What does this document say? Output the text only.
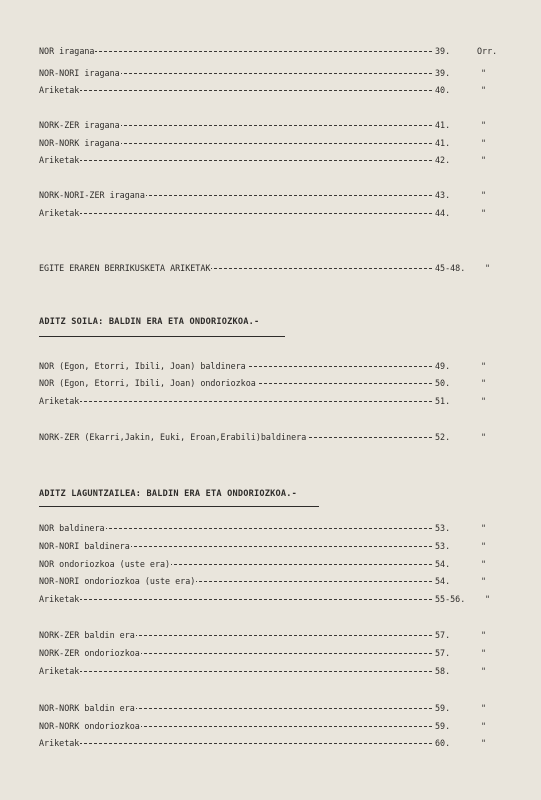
NOR iragana	39.	Orr.
NOR-NORI iragana	39.	"
Ariketak	40.	"
NORK-ZER iragana	41.	"
NOR-NORK iragana	41.	"
Ariketak	42.	"
NORK-NORI-ZER iragana	43.	"
Ariketak	44.	"
EGITE ERAREN BERRIKUSKETA ARIKETAK	45-48.	"
ADITZ SOILA: BALDIN ERA ETA ONDORIOZKOA.-
NOR (Egon, Etorri, Ibili, Joan) baldinera	49.	"
NOR (Egon, Etorri, Ibili, Joan) ondoriozkoa	50.	"
Ariketak	51.	"
NORK-ZER (Ekarri,Jakin, Euki, Eroan,Erabili)baldinera	52.	"
ADITZ LAGUNTZAILEA: BALDIN ERA ETA ONDORIOZKOA.-
NOR baldinera	53.	"
NOR-NORI baldinera	53.	"
NOR ondoriozkoa (uste era)	54.	"
NOR-NORI ondoriozkoa (uste era)	54.	"
Ariketak	55-56.	"
NORK-ZER baldin era	57.	"
NORK-ZER ondoriozkoa	57.	"
Ariketak	58.	"
NOR-NORK baldin era	59.	"
NOR-NORK ondoriozkoa	59.	"
Ariketak	60.	"
